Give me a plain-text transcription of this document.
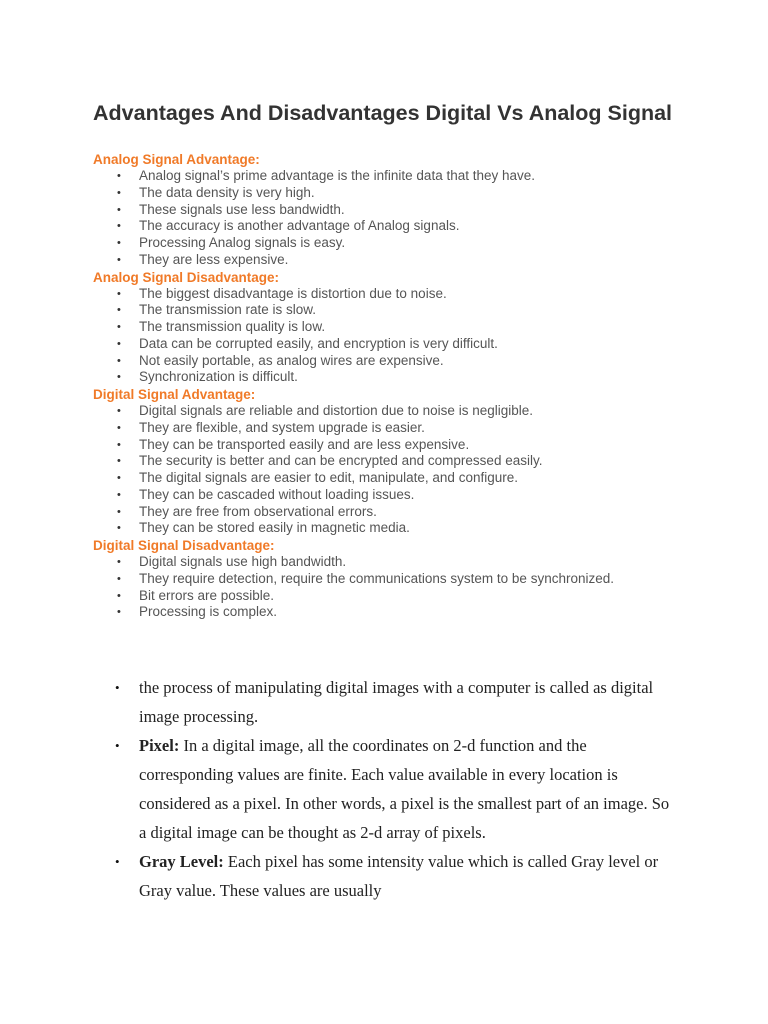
Advantages And Disadvantages Digital Vs Analog Signal
Analog Signal Advantage:
• Analog signal’s prime advantage is the infinite data that they have.
• The data density is very high.
• These signals use less bandwidth.
• The accuracy is another advantage of Analog signals.
• Processing Analog signals is easy.
• They are less expensive.
Analog Signal Disadvantage:
• The biggest disadvantage is distortion due to noise.
• The transmission rate is slow.
• The transmission quality is low.
• Data can be corrupted easily, and encryption is very difficult.
• Not easily portable, as analog wires are expensive.
• Synchronization is difficult.
Digital Signal Advantage:
• Digital signals are reliable and distortion due to noise is negligible.
• They are flexible, and system upgrade is easier.
• They can be transported easily and are less expensive.
• The security is better and can be encrypted and compressed easily.
• The digital signals are easier to edit, manipulate, and configure.
• They can be cascaded without loading issues.
• They are free from observational errors.
• They can be stored easily in magnetic media.
Digital Signal Disadvantage:
• Digital signals use high bandwidth.
• They require detection, require the communications system to be synchronized.
• Bit errors are possible.
• Processing is complex.
• the process of manipulating digital images with a computer is called as digital image processing.
• Pixel: In a digital image, all the coordinates on 2-d function and the corresponding values are finite. Each value available in every location is considered as a pixel. In other words, a pixel is the smallest part of an image. So a digital image can be thought as 2-d array of pixels.
• Gray Level: Each pixel has some intensity value which is called Gray level or Gray value. These values are usually
